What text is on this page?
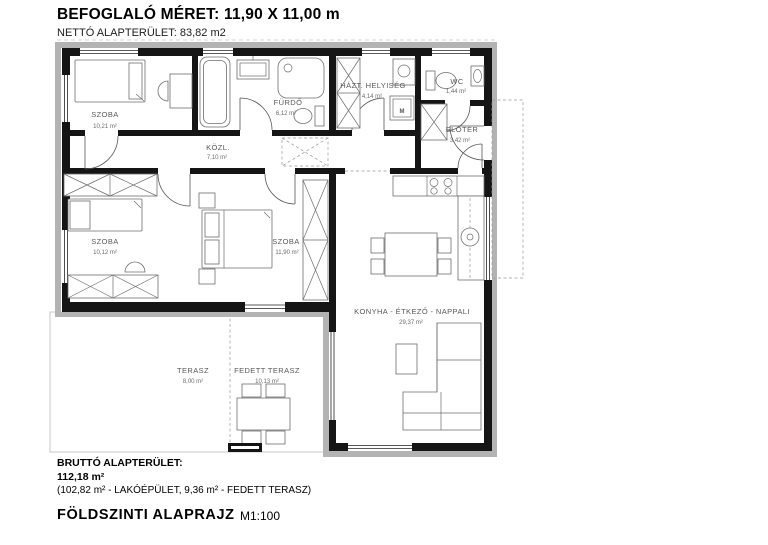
BEFOGLALÓ MÉRET: 11,90 X 11,00 m
NETTÓ ALAPTERÜLET: 83,82 m2
M
SZOBA
10,21 m²
FÜRDŐ
6,12 m²
HÁZT. HELYISÉG
4,14 m²
WC
1,44 m²
ELŐTÉR
3,42 m²
KÖZL.
7,10 m²
SZOBA
10,12 m²
SZOBA
11,90 m²
KONYHA - ÉTKEZŐ - NAPPALI
29,37 m²
TERASZ
8,00 m²
FEDETT TERASZ
10,13 m²
BRUTTÓ ALAPTERÜLET:
112,18 m²
(102,82 m² - LAKÓÉPÜLET, 9,36 m² - FEDETT TERASZ)
FÖLDSZINTI ALAPRAJZ M1:100
